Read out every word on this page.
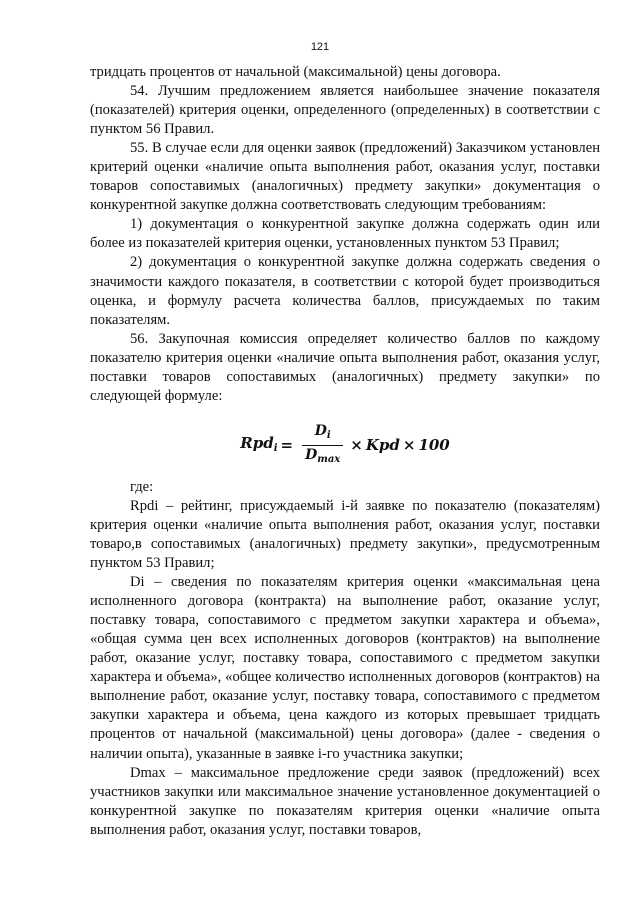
121

тридцать процентов от начальной (максимальной) цены договора.

54. Лучшим предложением является наибольшее значение показателя (показателей) критерия оценки, определенного (определенных) в соответствии с пунктом 56 Правил.

55. В случае если для оценки заявок (предложений) Заказчиком установлен критерий оценки «наличие опыта выполнения работ, оказания услуг, поставки товаров сопоставимых (аналогичных) предмету закупки» документация о конкурентной закупке должна соответствовать следующим требованиям:

1) документация о конкурентной закупке должна содержать один или более из показателей критерия оценки, установленных пунктом 53 Правил;

2) документация о конкурентной закупке должна содержать сведения о значимости каждого показателя, в соответствии с которой будет производиться оценка, и формулу расчета количества баллов, присуждаемых по таким показателям.

56. Закупочная комиссия определяет количество баллов по каждому показателю критерия оценки «наличие опыта выполнения работ, оказания услуг, поставки товаров сопоставимых (аналогичных) предмету закупки» по следующей формуле:

$Rpd_i = \frac{D_i}{D_{max}}$ × Kpd × 100

где:

Rpdi – рейтинг, присуждаемый i-й заявке по показателю (показателям) критерия оценки «наличие опыта выполнения работ, оказания услуг, поставки товаро,в сопоставимых (аналогичных) предмету закупки», предусмотренным пунктом 53 Правил;

Di – сведения по показателям критерия оценки «максимальная цена исполненного договора (контракта) на выполнение работ, оказание услуг, поставку товара, сопоставимого с предметом закупки характера и объема», «общая сумма цен всех исполненных договоров (контрактов) на выполнение работ, оказание услуг, поставку товара, сопоставимого с предметом закупки характера и объема», «общее количество исполненных договоров (контрактов) на выполнение работ, оказание услуг, поставку товара, сопоставимого с предметом закупки характера и объема, цена каждого из которых превышает тридцать процентов от начальной (максимальной) цены договора» (далее - сведения о наличии опыта), указанные в заявке i-го участника закупки;

Dmax – максимальное предложение среди заявок (предложений) всех участников закупки или максимальное значение установленное документацией о конкурентной закупке по показателям критерия оценки «наличие опыта выполнения работ, оказания услуг, поставки товаров,
